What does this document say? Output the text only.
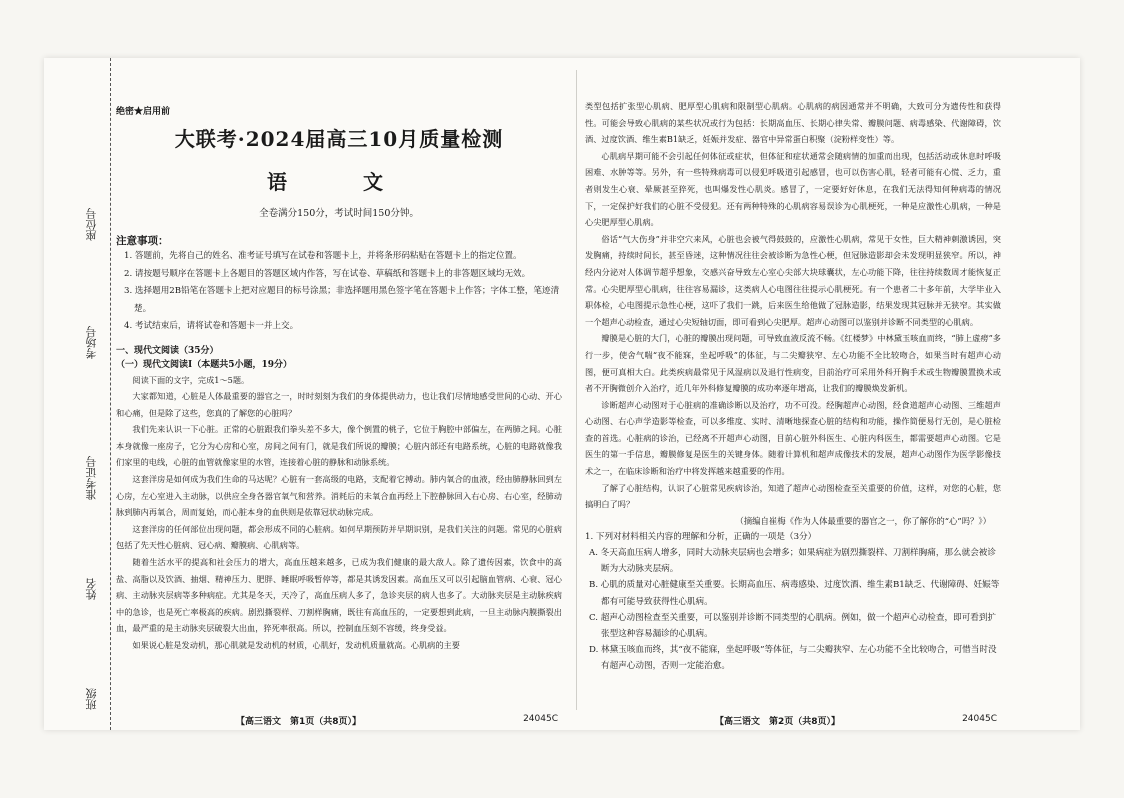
座位号
考场号
准考证号
姓名
班级
绝密★启用前
大联考·2024届高三10月质量检测
语　文
全卷满分150分，考试时间150分钟。
注意事项：
1. 答题前，先将自己的姓名、准考证号填写在试卷和答题卡上，并将条形码粘贴在答题卡上的指定位置。
2. 请按题号顺序在答题卡上各题目的答题区域内作答，写在试卷、草稿纸和答题卡上的非答题区域均无效。
3. 选择题用2B铅笔在答题卡上把对应题目的标号涂黑；非选择题用黑色签字笔在答题卡上作答；字体工整，笔迹清楚。
4. 考试结束后，请将试卷和答题卡一并上交。
一、现代文阅读（35分）
（一）现代文阅读Ⅰ（本题共5小题，19分）
阅读下面的文字，完成1～5题。
大家都知道，心脏是人体最重要的器官之一，时时刻刻为我们的身体提供动力，也让我们尽情地感受世间的心动、开心和心痛，但是除了这些，您真的了解您的心脏吗？
我们先来认识一下心脏。正常的心脏跟我们拳头差不多大，像个倒置的桃子，它位于胸腔中部偏左，在两肺之间。心脏本身就像一座房子，它分为心房和心室，房间之间有门，就是我们所说的瓣膜；心脏内部还有电路系统，心脏的电路就像我们家里的电线，心脏的血管就像家里的水管，连接着心脏的静脉和动脉系统。
这套洋房是如何成为我们生命的马达呢？心脏有一套高级的电路，支配着它搏动。肺内氧合的血液，经由肺静脉回到左心房，左心室进入主动脉，以供应全身各器官氧气和营养。消耗后的未氧合血再经上下腔静脉回入右心房、右心室，经肺动脉到肺内再氧合，周而复始，而心脏本身的血供则是依靠冠状动脉完成。
这套洋房的任何部位出现问题，都会形成不同的心脏病。如何早期预防并早期识别，是我们关注的问题。常见的心脏病包括了先天性心脏病、冠心病、瓣膜病、心肌病等。
随着生活水平的提高和社会压力的增大，高血压越来越多，已成为我们健康的最大敌人。除了遗传因素，饮食中的高盐、高脂以及饮酒、抽烟、精神压力、肥胖、睡眠呼吸暂停等，都是其诱发因素。高血压又可以引起脑血管病、心衰、冠心病、主动脉夹层病等多种病症。尤其是冬天，天冷了，高血压病人多了，急诊夹层的病人也多了。大动脉夹层是主动脉疾病中的急诊，也是死亡率极高的疾病。剧烈撕裂样、刀割样胸痛，既往有高血压的，一定要想到此病，一旦主动脉内膜撕裂出血，最严重的是主动脉夹层破裂大出血，猝死率很高。所以，控制血压刻不容缓，终身受益。
如果说心脏是发动机，那心肌就是发动机的材质，心肌好，发动机质量就高。心肌病的主要
【高三语文　第1页（共8页）】	24045C
类型包括扩张型心肌病、肥厚型心肌病和限制型心肌病。心肌病的病因通常并不明确，大致可分为遗传性和获得性。可能会导致心肌病的某些状况或行为包括：长期高血压、长期心律失常、瓣膜问题、病毒感染、代谢障碍，饮酒、过度饮酒、维生素B1缺乏，妊娠并发症、器官中异常蛋白积聚（淀粉样变性）等。
心肌病早期可能不会引起任何体征或症状，但体征和症状通常会随病情的加重而出现，包括活动或休息时呼吸困难、水肿等等。另外，有一些特殊病毒可以侵犯呼吸道引起感冒，也可以伤害心肌，轻者可能有心慌、乏力，重者则发生心衰、晕厥甚至猝死，也叫爆发性心肌炎。感冒了，一定要好好休息，在我们无法得知何种病毒的情况下，一定保护好我们的心脏不受侵犯。还有两种特殊的心肌病容易误诊为心肌梗死，一种是应激性心肌病，一种是心尖肥厚型心肌病。
俗话“气大伤身”并非空穴来风，心脏也会被气得鼓鼓的，应激性心肌病，常见于女性，巨大精神刺激诱因，突发胸痛，持续时间长，甚至昏迷，这种情况往往会被诊断为急性心梗，但冠脉造影却会未发现明显狭窄。所以，神经内分泌对人体调节超乎想象，交感兴奋导致左心室心尖部大块球囊状，左心功能下降，往往持续数周才能恢复正常。心尖肥厚型心肌病，往往容易漏诊，这类病人心电图往往提示心肌梗死。有一个患者二十多年前，大学毕业入职体检，心电图提示急性心梗，这吓了我们一跳，后来医生给他做了冠脉造影，结果发现其冠脉并无狭窄。其实做一个超声心动检查，通过心尖短轴切面，即可看到心尖肥厚。超声心动图可以鉴别并诊断不同类型的心肌病。
瓣膜是心脏的大门，心脏的瓣膜出现问题，可导致血液反流不畅。《红楼梦》中林黛玉咳血而终，“肺上虚痨”多行一步，使舍气喘“夜不能寐，坐起呼吸”的体征，与二尖瓣狭窄、左心功能不全比较吻合，如果当时有超声心动图，便可真相大白。此类疾病最常见于风湿病以及退行性病变，目前治疗可采用外科开胸手术或生物瓣膜置换术或者不开胸微创介入治疗，近几年外科修复瓣膜的成功率逐年增高，让我们的瓣膜焕发新机。
诊断超声心动图对于心脏病的准确诊断以及治疗，功不可没。经胸超声心动图，经食道超声心动图、三维超声心动图、右心声学造影等检查，可以多维度、实时、清晰地探查心脏的结构和功能，操作简便易行无创，是心脏检查的首选。心脏病的诊治，已经离不开超声心动图，目前心脏外科医生、心脏内科医生，都需要超声心动图。它是医生的第一手信息，瓣膜修复是医生的关键身体。随着计算机和超声成像技术的发展，超声心动图作为医学影像技术之一，在临床诊断和治疗中将发挥越来越重要的作用。
了解了心脏结构，认识了心脏常见疾病诊治，知道了超声心动图检查至关重要的价值，这样，对您的心脏，您搞明白了吗？
（摘编自崔梅《作为人体最重要的器官之一，你了解你的“心”吗？》）
1. 下列对材料相关内容的理解和分析，正确的一项是（3分）
A. 冬天高血压病人增多，同时大动脉夹层病也会增多；如果病症为剧烈撕裂样、刀割样胸痛，那么就会被诊断为大动脉夹层病。
B. 心肌的质量对心脏健康至关重要。长期高血压、病毒感染、过度饮酒、维生素B1缺乏、代谢障碍、妊娠等都有可能导致获得性心肌病。
C. 超声心动图检查至关重要，可以鉴别并诊断不同类型的心肌病。例如，做一个超声心动检查，即可看到扩张型这种容易漏诊的心肌病。
D. 林黛玉咳血而终，其“夜不能寐，坐起呼吸”等体征，与二尖瓣狭窄、左心功能不全比较吻合，可惜当时没有超声心动图，否则一定能治愈。
【高三语文　第2页（共8页）】	24045C
